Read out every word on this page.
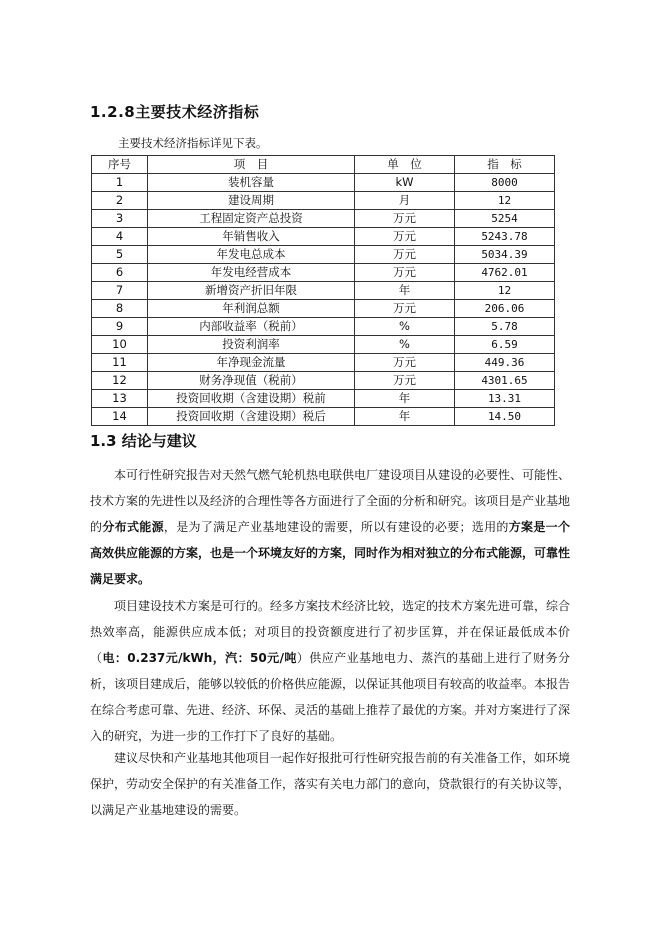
1.2.8主要技术经济指标
主要技术经济指标详见下表。
序号	项　目	单　位	指　标
1	装机容量	kW	8000
2	建设周期	月	12
3	工程固定资产总投资	万元	5254
4	年销售收入	万元	5243.78
5	年发电总成本	万元	5034.39
6	年发电经营成本	万元	4762.01
7	新增资产折旧年限	年	12
8	年利润总额	万元	206.06
9	内部收益率（税前）	%	5.78
10	投资利润率	%	6.59
11	年净现金流量	万元	449.36
12	财务净现值（税前）	万元	4301.65
13	投资回收期（含建设期）税前	年	13.31
14	投资回收期（含建设期）税后	年	14.50
1.3 结论与建议

本可行性研究报告对天然气燃气轮机热电联供电厂建设项目从建设的必要性、可能性、技术方案的先进性以及经济的合理性等各方面进行了全面的分析和研究。该项目是产业基地的分布式能源，是为了满足产业基地建设的需要，所以有建设的必要；选用的方案是一个高效供应能源的方案，也是一个环境友好的方案，同时作为相对独立的分布式能源，可靠性满足要求。

项目建设技术方案是可行的。经多方案技术经济比较，选定的技术方案先进可靠，综合热效率高，能源供应成本低；对项目的投资额度进行了初步匡算，并在保证最低成本价（电：0.237元/kWh，汽：50元/吨）供应产业基地电力、蒸汽的基础上进行了财务分析，该项目建成后，能够以较低的价格供应能源，以保证其他项目有较高的收益率。本报告在综合考虑可靠、先进、经济、环保、灵活的基础上推荐了最优的方案。并对方案进行了深入的研究，为进一步的工作打下了良好的基础。

建议尽快和产业基地其他项目一起作好报批可行性研究报告前的有关准备工作，如环境保护，劳动安全保护的有关准备工作，落实有关电力部门的意向，贷款银行的有关协议等，以满足产业基地建设的需要。
